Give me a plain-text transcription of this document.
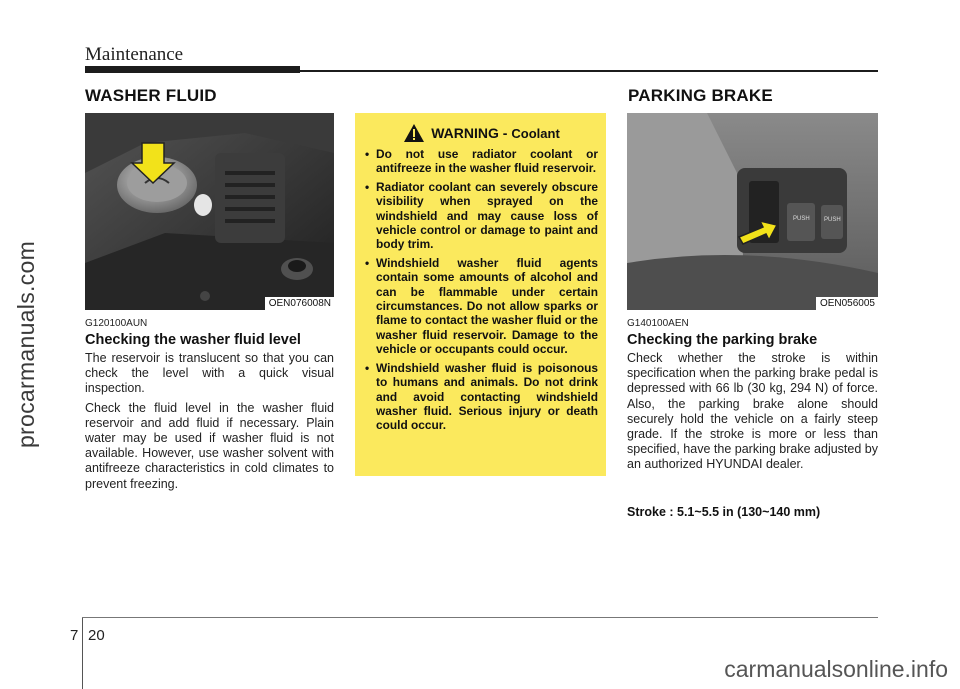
procarmanuals.com
Maintenance
WASHER FLUID
OEN076008N
G120100AUN
Checking the washer fluid level

The reservoir is translucent so that you can check the level with a quick visual inspection.

Check the fluid level in the washer fluid reservoir and add fluid if necessary. Plain water may be used if washer fluid is not available. However, use washer solvent with antifreeze characteristics in cold climates to prevent freezing.

WARNING - Coolant
• Do not use radiator coolant or antifreeze in the washer fluid reservoir.
• Radiator coolant can severely obscure visibility when sprayed on the windshield and may cause loss of vehicle control or damage to paint and body trim.
• Windshield washer fluid agents contain some amounts of alcohol and can be flammable under certain circumstances. Do not allow sparks or flame to contact the washer fluid or the washer fluid reservoir. Damage to the vehicle or occupants could occur.
• Windshield washer fluid is poisonous to humans and animals. Do not drink and avoid contacting windshield washer fluid. Serious injury or death could occur.
PARKING BRAKE
PUSH PUSH
OEN056005
G140100AEN
Checking the parking brake

Check whether the stroke is within specification when the parking brake pedal is depressed with 66 lb (30 kg, 294 N) of force. Also, the parking brake alone should securely hold the vehicle on a fairly steep grade. If the stroke is more or less than specified, have the parking brake adjusted by an authorized HYUNDAI dealer.

Stroke : 5.1~5.5 in (130~140 mm)
7 20
carmanualsonline.info
